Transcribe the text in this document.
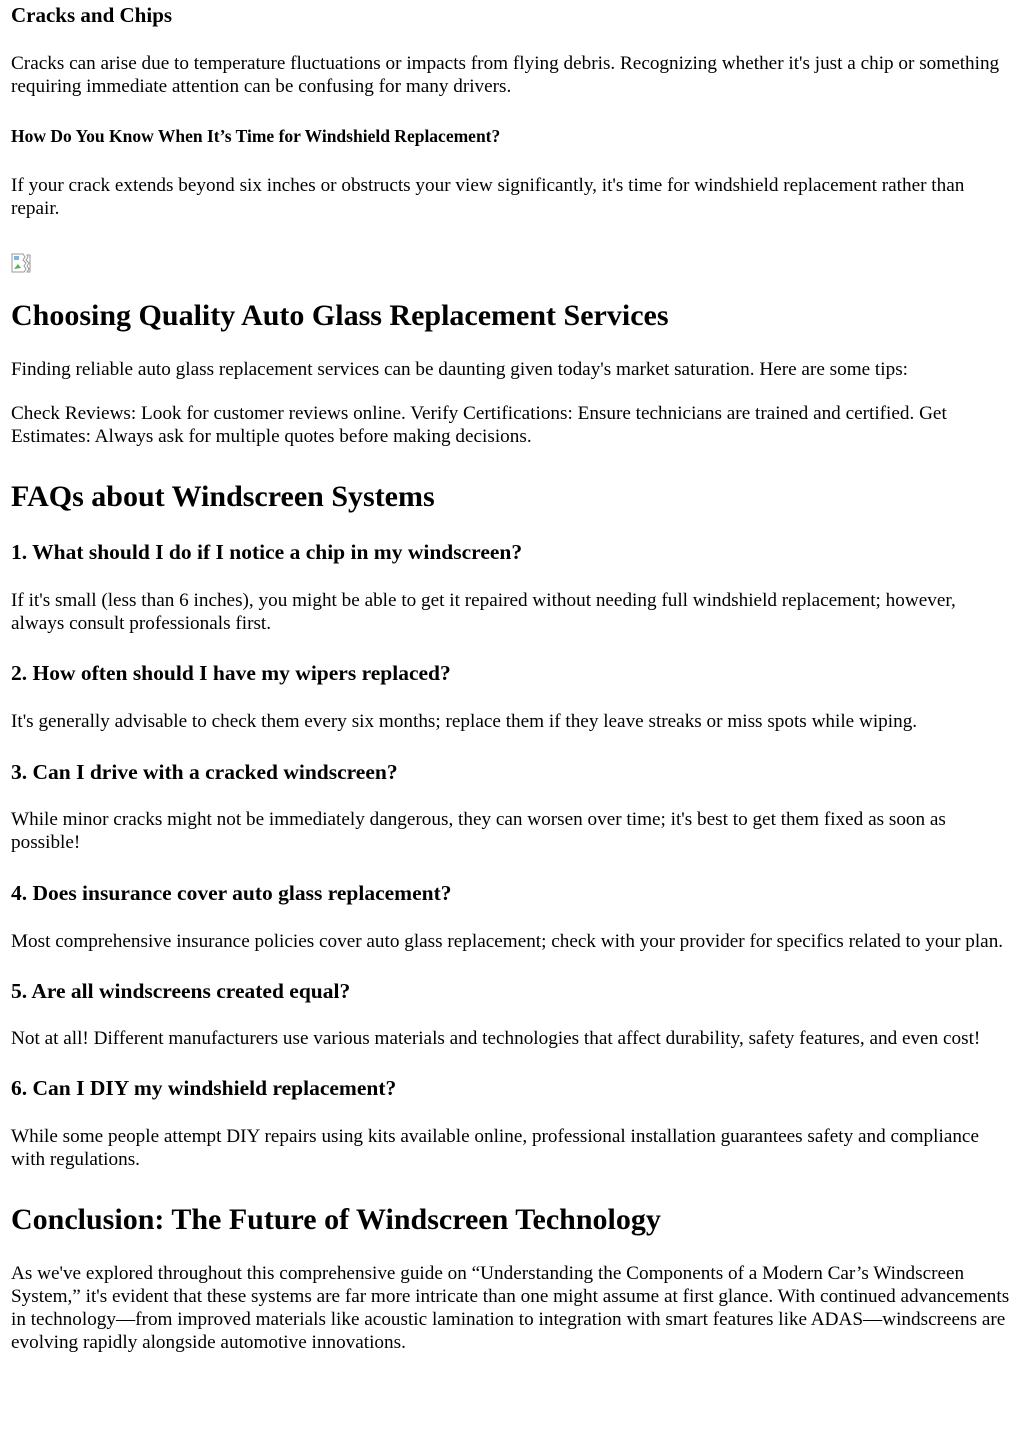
Cracks and Chips

Cracks can arise due to temperature fluctuations or impacts from flying debris. Recognizing whether it's just a chip or something requiring immediate attention can be confusing for many drivers.

How Do You Know When It’s Time for Windshield Replacement?

If your crack extends beyond six inches or obstructs your view significantly, it's time for windshield replacement rather than repair.

Choosing Quality Auto Glass Replacement Services

Finding reliable auto glass replacement services can be daunting given today's market saturation. Here are some tips:

Check Reviews: Look for customer reviews online. Verify Certifications: Ensure technicians are trained and certified. Get Estimates: Always ask for multiple quotes before making decisions.

FAQs about Windscreen Systems
1. What should I do if I notice a chip in my windscreen?

If it's small (less than 6 inches), you might be able to get it repaired without needing full windshield replacement; however, always consult professionals first.

2. How often should I have my wipers replaced?

It's generally advisable to check them every six months; replace them if they leave streaks or miss spots while wiping.

3. Can I drive with a cracked windscreen?

While minor cracks might not be immediately dangerous, they can worsen over time; it's best to get them fixed as soon as possible!

4. Does insurance cover auto glass replacement?

Most comprehensive insurance policies cover auto glass replacement; check with your provider for specifics related to your plan.

5. Are all windscreens created equal?

Not at all! Different manufacturers use various materials and technologies that affect durability, safety features, and even cost!

6. Can I DIY my windshield replacement?

While some people attempt DIY repairs using kits available online, professional installation guarantees safety and compliance with regulations.

Conclusion: The Future of Windscreen Technology

As we've explored throughout this comprehensive guide on “Understanding the Components of a Modern Car’s Windscreen System,” it's evident that these systems are far more intricate than one might assume at first glance. With continued advancements in technology—from improved materials like acoustic lamination to integration with smart features like ADAS—windscreens are evolving rapidly alongside automotive innovations.
